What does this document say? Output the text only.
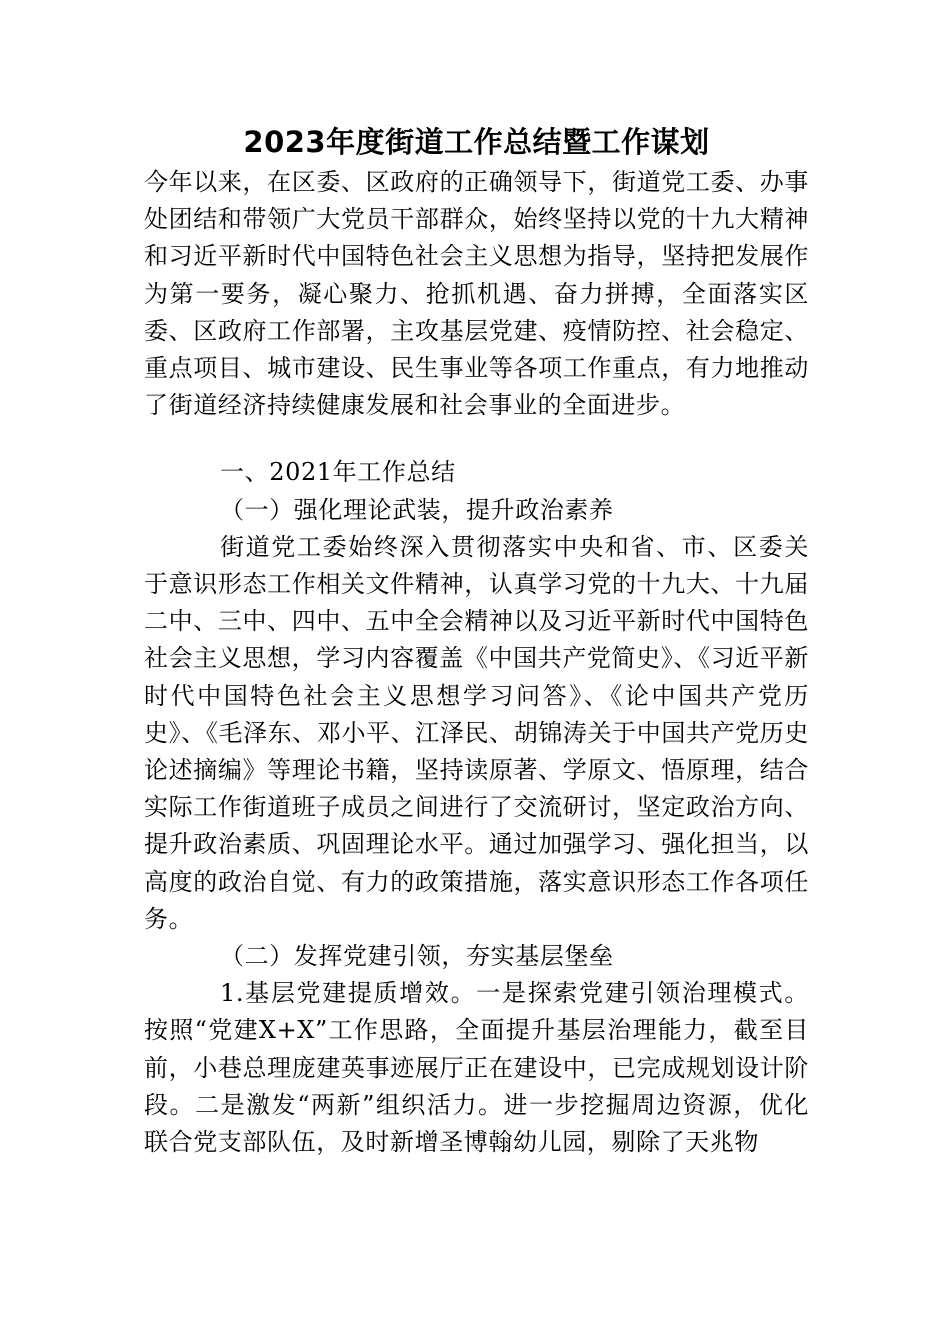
2023年度街道工作总结暨工作谋划

今年以来，在区委、区政府的正确领导下，街道党工委、办事处团结和带领广大党员干部群众，始终坚持以党的十九大精神和习近平新时代中国特色社会主义思想为指导，坚持把发展作为第一要务，凝心聚力、抢抓机遇、奋力拼搏，全面落实区委、区政府工作部署，主攻基层党建、疫情防控、社会稳定、重点项目、城市建设、民生事业等各项工作重点，有力地推动了街道经济持续健康发展和社会事业的全面进步。

一、2021年工作总结

（一）强化理论武装，提升政治素养

街道党工委始终深入贯彻落实中央和省、市、区委关于意识形态工作相关文件精神，认真学习党的十九大、十九届二中、三中、四中、五中全会精神以及习近平新时代中国特色社会主义思想，学习内容覆盖《中国共产党简史》、《习近平新时代中国特色社会主义思想学习问答》、《论中国共产党历史》、《毛泽东、邓小平、江泽民、胡锦涛关于中国共产党历史论述摘编》等理论书籍，坚持读原著、学原文、悟原理，结合实际工作街道班子成员之间进行了交流研讨，坚定政治方向、提升政治素质、巩固理论水平。通过加强学习、强化担当，以高度的政治自觉、有力的政策措施，落实意识形态工作各项任务。

（二）发挥党建引领，夯实基层堡垒

1.基层党建提质增效。一是探索党建引领治理模式。按照“党建X+X”工作思路，全面提升基层治理能力，截至目前，小巷总理庞建英事迹展厅正在建设中，已完成规划设计阶段。二是激发“两新”组织活力。进一步挖掘周边资源，优化联合党支部队伍，及时新增圣博翰幼儿园，剔除了天兆物
